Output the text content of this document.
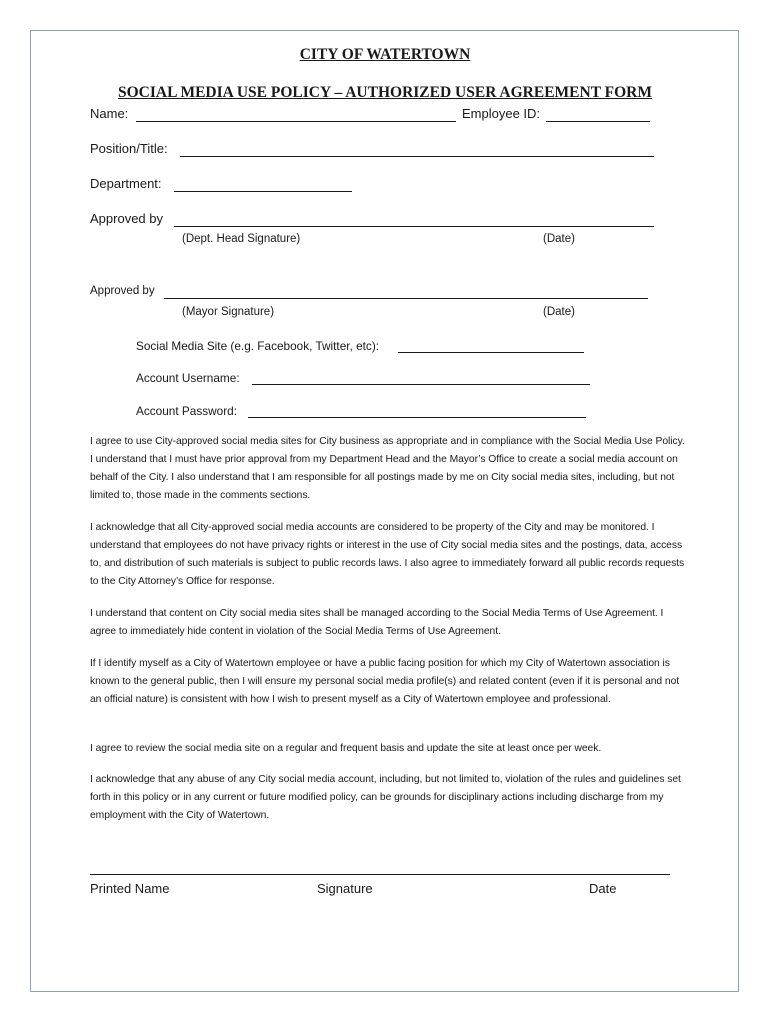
CITY OF WATERTOWN
SOCIAL MEDIA USE POLICY – AUTHORIZED USER AGREEMENT FORM
Name:	Employee ID:
Position/Title:
Department:
Approved by
(Dept. Head Signature)	(Date)
Approved by
(Mayor Signature)	(Date)
Social Media Site (e.g. Facebook, Twitter, etc):
Account Username:
Account Password:

I agree to use City-approved social media sites for City business as appropriate and in compliance with the Social Media Use Policy. I understand that I must have prior approval from my Department Head and the Mayor’s Office to create a social media account on behalf of the City. I also understand that I am responsible for all postings made by me on City social media sites, including, but not limited to, those made in the comments sections.

I acknowledge that all City-approved social media accounts are considered to be property of the City and may be monitored. I understand that employees do not have privacy rights or interest in the use of City social media sites and the postings, data, access to, and distribution of such materials is subject to public records laws. I also agree to immediately forward all public records requests to the City Attorney’s Office for response.

I understand that content on City social media sites shall be managed according to the Social Media Terms of Use Agreement. I agree to immediately hide content in violation of the Social Media Terms of Use Agreement.

If I identify myself as a City of Watertown employee or have a public facing position for which my City of Watertown association is known to the general public, then I will ensure my personal social media profile(s) and related content (even if it is personal and not an official nature) is consistent with how I wish to present myself as a City of Watertown employee and professional.

I agree to review the social media site on a regular and frequent basis and update the site at least once per week.

I acknowledge that any abuse of any City social media account, including, but not limited to, violation of the rules and guidelines set forth in this policy or in any current or future modified policy, can be grounds for disciplinary actions including discharge from my employment with the City of Watertown.

Printed Name	Signature	Date
